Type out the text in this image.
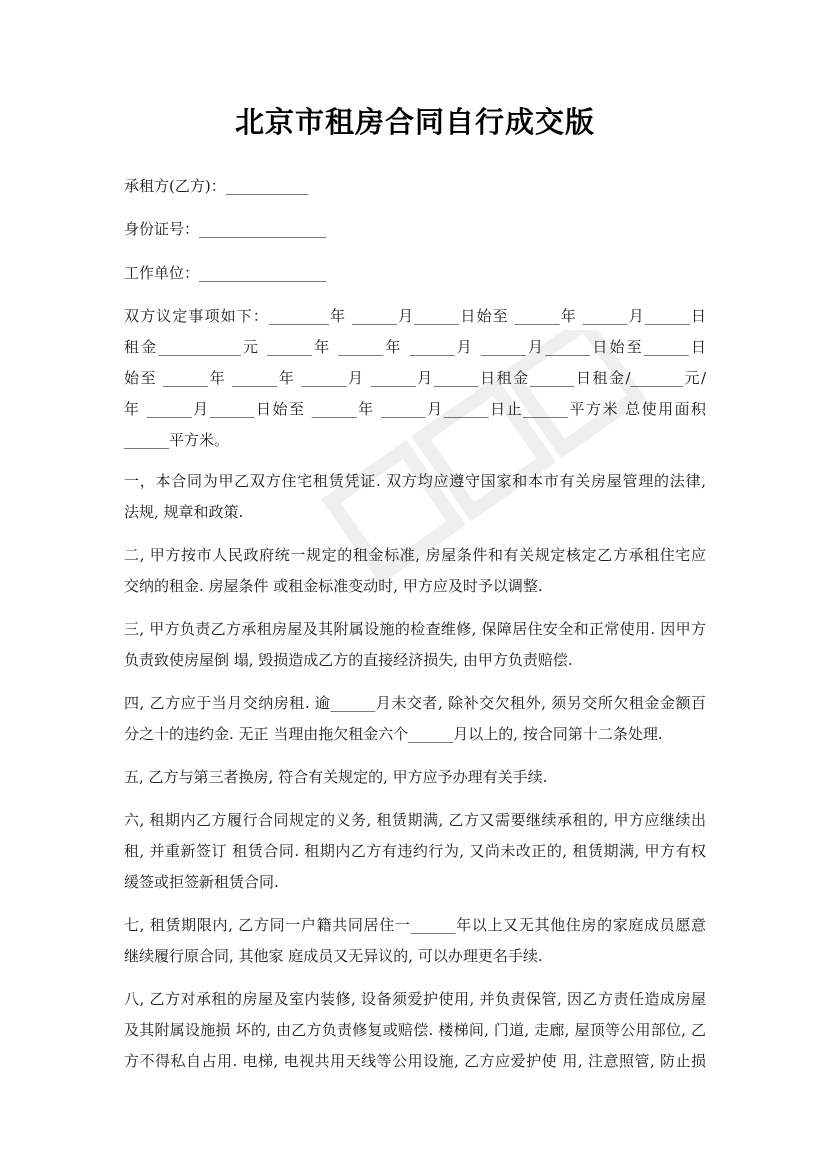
北京市租房合同自行成交版
承租方(乙方)：___________
身份证号：_________________
工作单位：_________________
双方议定事项如下：________年 ______月______日始至 ______年 ______月______日
租金___________元 ______年 ______年 ______月 ______月______日始至______日
始至 ______年 ______年 ______月 ______月______日租金______日租金/_______元/
年 ______月______日始至 ______年 ______月______日止______平方米 总使用面积
______平方米。
一，本合同为甲乙双方住宅租赁凭证. 双方均应遵守国家和本市有关房屋管理的法律,
法规, 规章和政策.
二, 甲方按市人民政府统一规定的租金标准, 房屋条件和有关规定核定乙方承租住宅应
交纳的租金. 房屋条件 或租金标准变动时, 甲方应及时予以调整.
三, 甲方负责乙方承租房屋及其附属设施的检查维修, 保障居住安全和正常使用. 因甲方
负责致使房屋倒 塌, 毁损造成乙方的直接经济损失, 由甲方负责赔偿.
四, 乙方应于当月交纳房租. 逾______月未交者, 除补交欠租外, 须另交所欠租金金额百
分之十的违约金. 无正 当理由拖欠租金六个______月以上的, 按合同第十二条处理.
五, 乙方与第三者换房, 符合有关规定的, 甲方应予办理有关手续.
六, 租期内乙方履行合同规定的义务, 租赁期满, 乙方又需要继续承租的, 甲方应继续出
租, 并重新签订 租赁合同. 租期内乙方有违约行为, 又尚未改正的, 租赁期满, 甲方有权
缓签或拒签新租赁合同.
七, 租赁期限内, 乙方同一户籍共同居住一______年以上又无其他住房的家庭成员愿意
继续履行原合同, 其他家 庭成员又无异议的, 可以办理更名手续.
八, 乙方对承租的房屋及室内装修, 设备须爱护使用, 并负责保管, 因乙方责任造成房屋
及其附属设施损 坏的, 由乙方负责修复或赔偿. 楼梯间, 门道, 走廊, 屋顶等公用部位, 乙
方不得私自占用. 电梯, 电视共用天线等公用设施, 乙方应爱护使 用, 注意照管, 防止损
